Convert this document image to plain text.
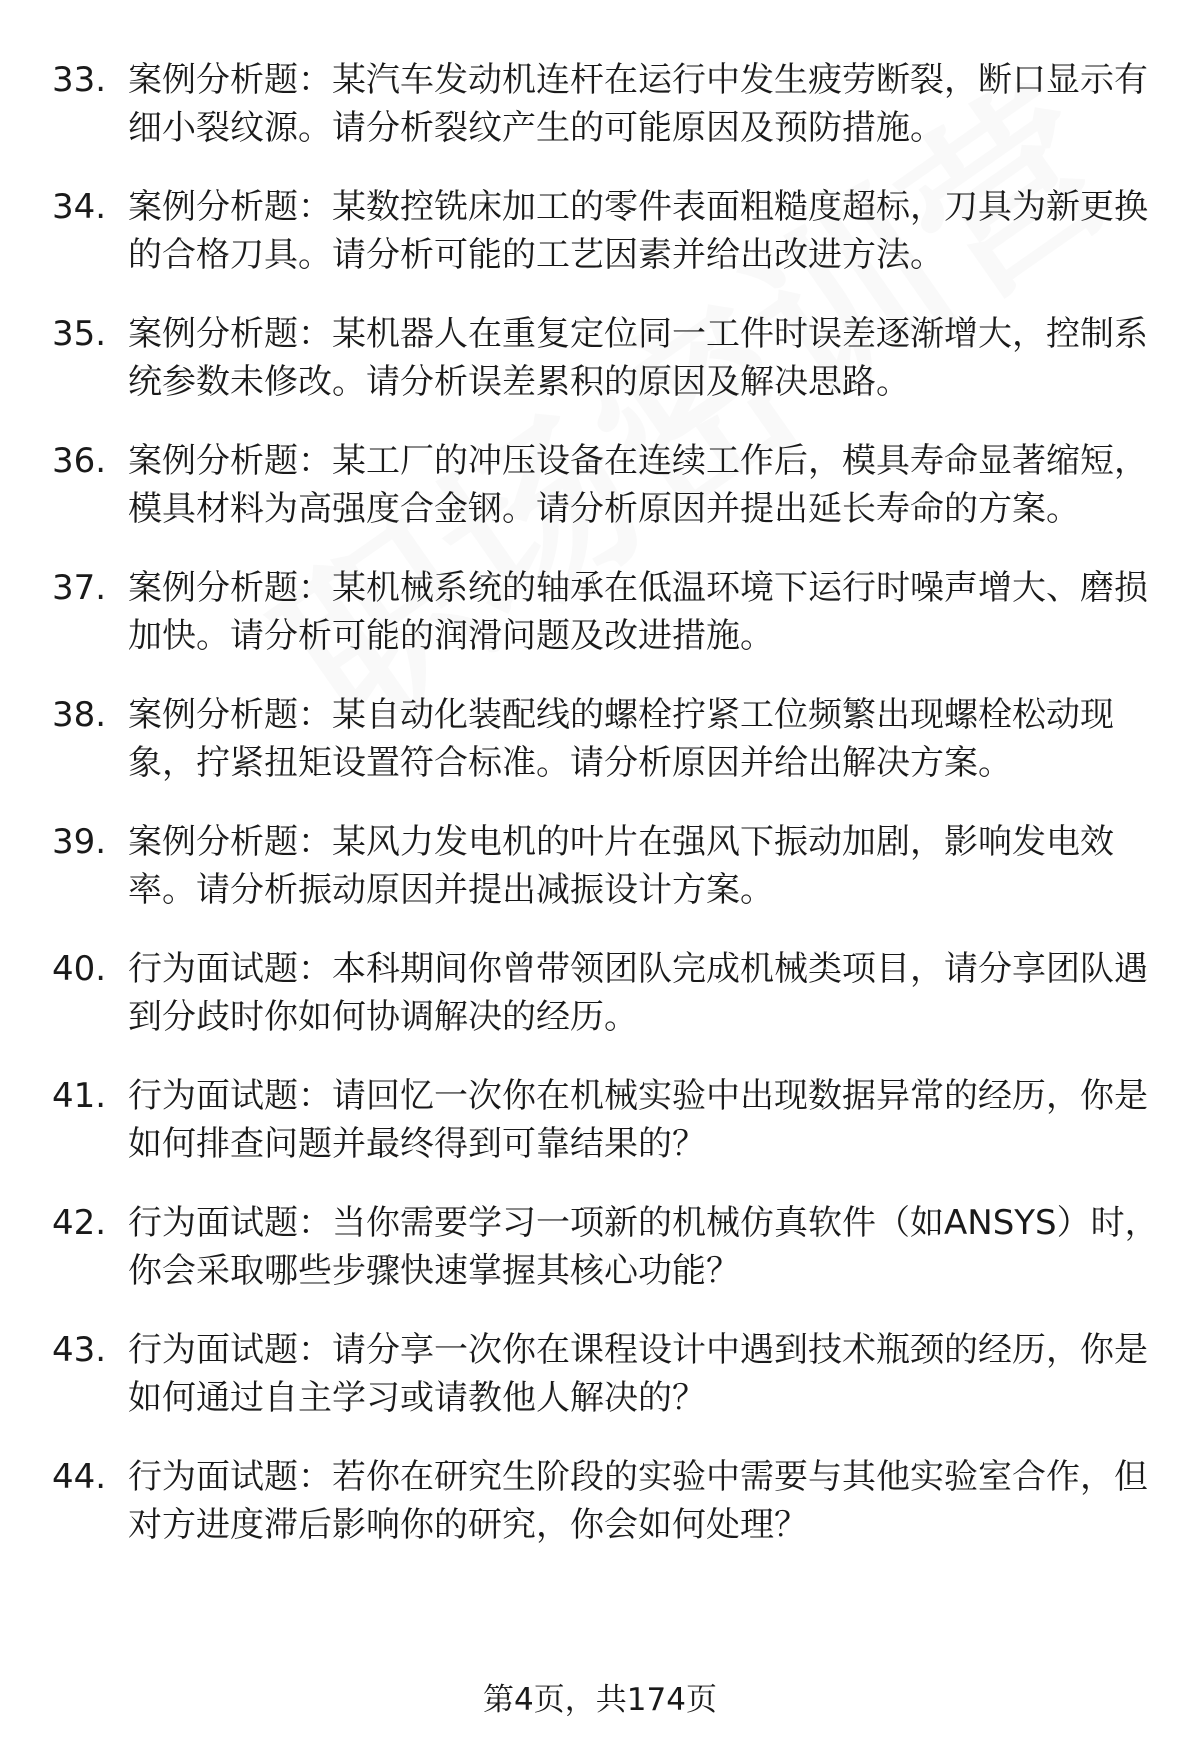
33. 案例分析题：某汽车发动机连杆在运行中发生疲劳断裂，断口显示有细小裂纹源。请分析裂纹产生的可能原因及预防措施。
34. 案例分析题：某数控铣床加工的零件表面粗糙度超标，刀具为新更换的合格刀具。请分析可能的工艺因素并给出改进方法。
35. 案例分析题：某机器人在重复定位同一工件时误差逐渐增大，控制系统参数未修改。请分析误差累积的原因及解决思路。
36. 案例分析题：某工厂的冲压设备在连续工作后，模具寿命显著缩短，模具材料为高强度合金钢。请分析原因并提出延长寿命的方案。
37. 案例分析题：某机械系统的轴承在低温环境下运行时噪声增大、磨损加快。请分析可能的润滑问题及改进措施。
38. 案例分析题：某自动化装配线的螺栓拧紧工位频繁出现螺栓松动现象，拧紧扭矩设置符合标准。请分析原因并给出解决方案。
39. 案例分析题：某风力发电机的叶片在强风下振动加剧，影响发电效率。请分析振动原因并提出减振设计方案。
40. 行为面试题：本科期间你曾带领团队完成机械类项目，请分享团队遇到分歧时你如何协调解决的经历。
41. 行为面试题：请回忆一次你在机械实验中出现数据异常的经历，你是如何排查问题并最终得到可靠结果的？
42. 行为面试题：当你需要学习一项新的机械仿真软件（如ANSYS）时，你会采取哪些步骤快速掌握其核心功能？
43. 行为面试题：请分享一次你在课程设计中遇到技术瓶颈的经历，你是如何通过自主学习或请教他人解决的？
44. 行为面试题：若你在研究生阶段的实验中需要与其他实验室合作，但对方进度滞后影响你的研究，你会如何处理？
第4页，共174页
